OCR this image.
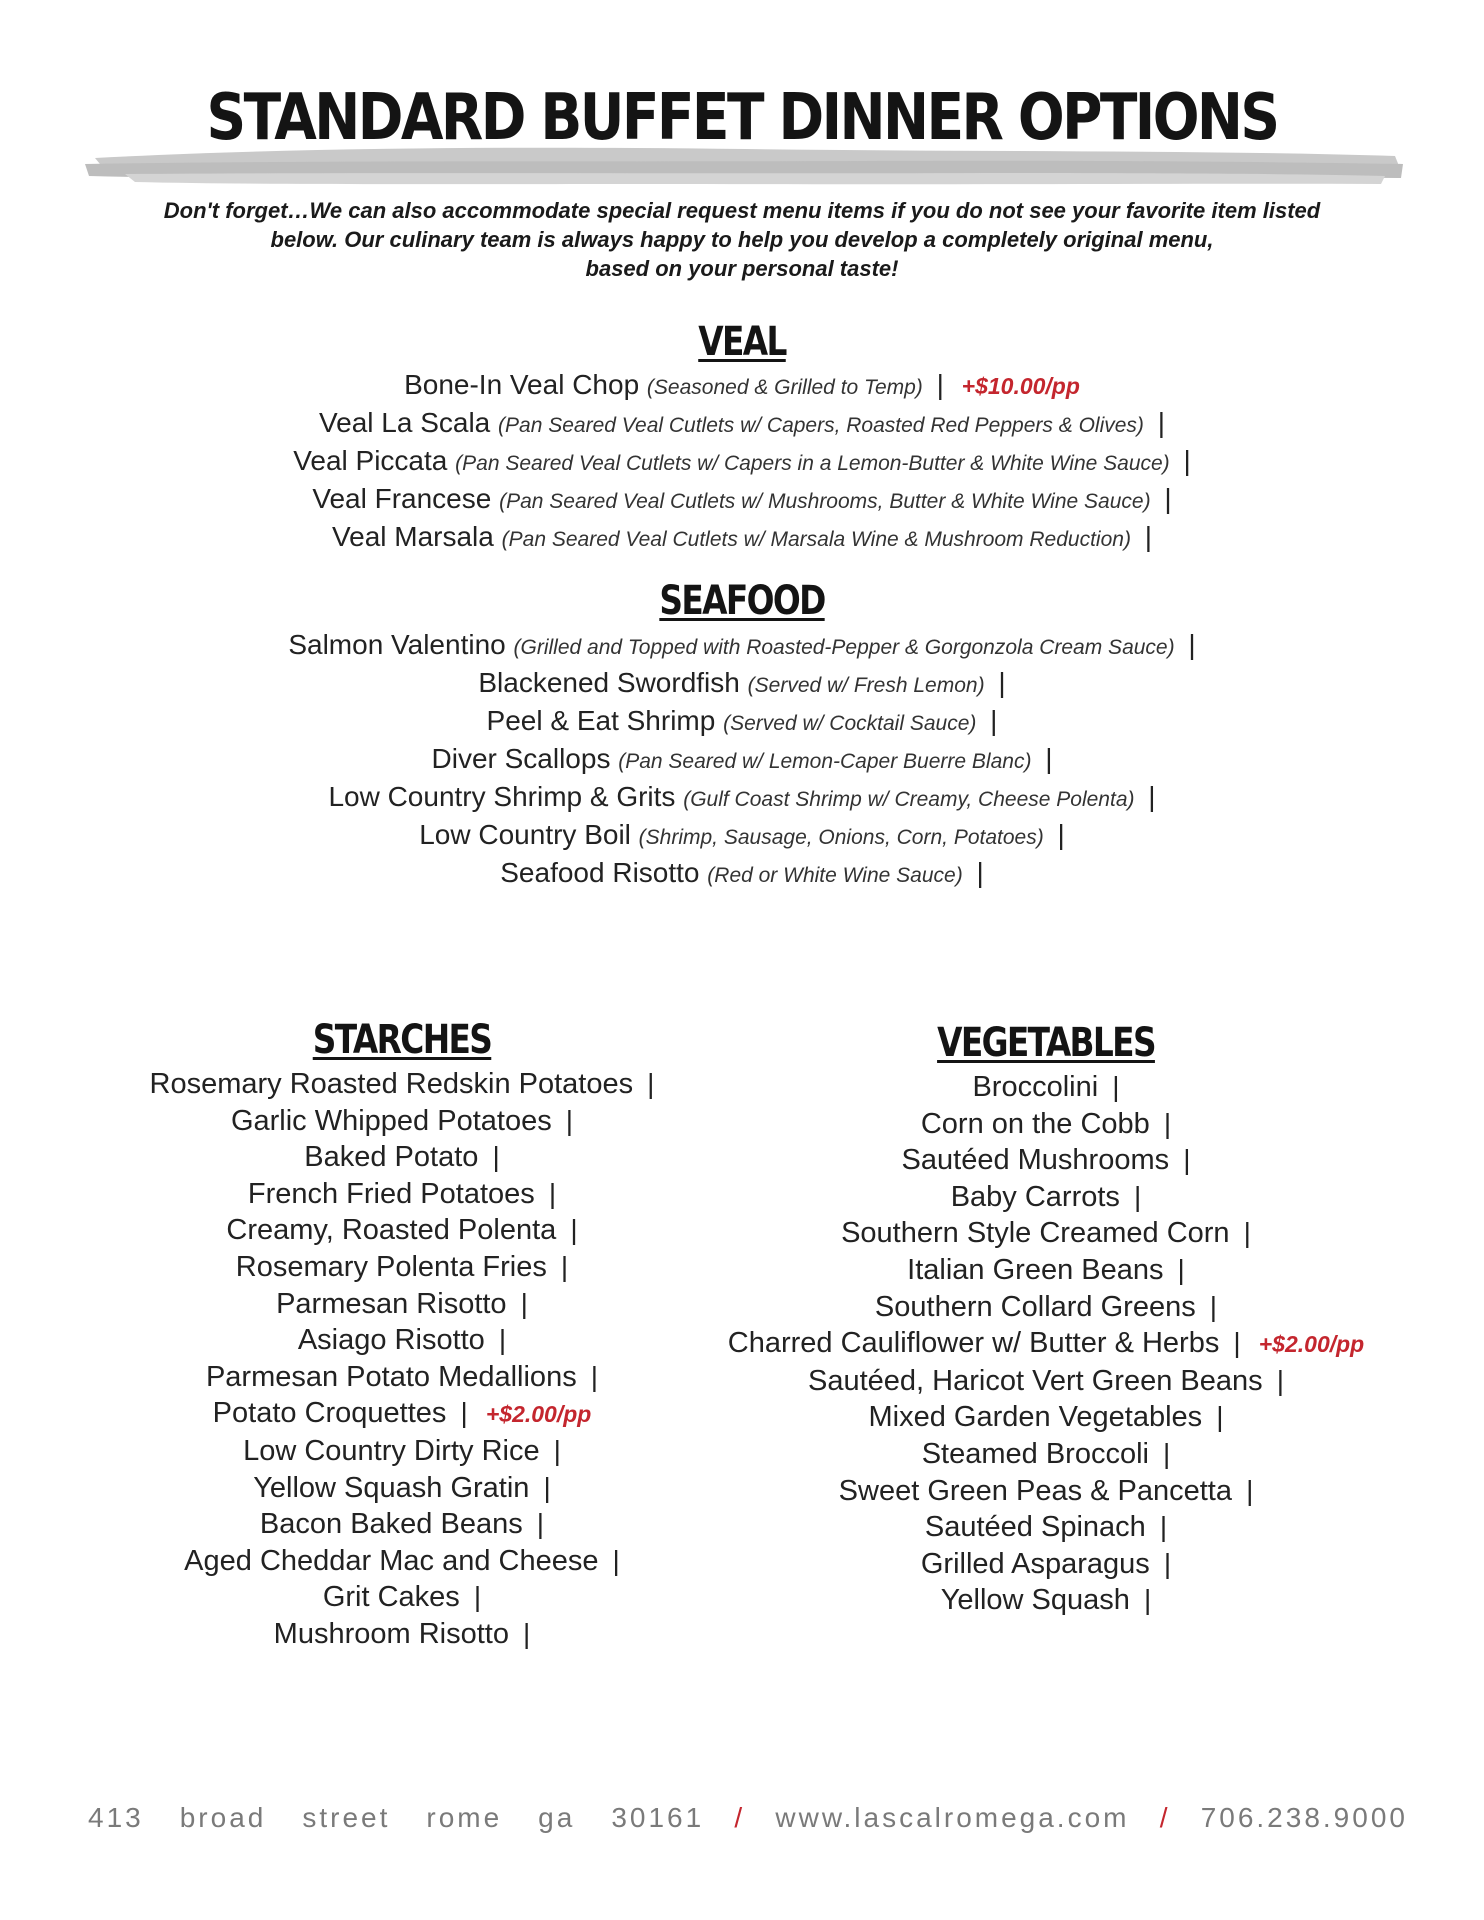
STANDARD BUFFET DINNER OPTIONS
Don't forget…We can also accommodate special request menu items if you do not see your favorite item listed
below. Our culinary team is always happy to help you develop a completely original menu,
based on your personal taste!
VEAL
Bone-In Veal Chop (Seasoned & Grilled to Temp) | +$10.00/pp
Veal La Scala (Pan Seared Veal Cutlets w/ Capers, Roasted Red Peppers & Olives) |
Veal Piccata (Pan Seared Veal Cutlets w/ Capers in a Lemon-Butter & White Wine Sauce) |
Veal Francese (Pan Seared Veal Cutlets w/ Mushrooms, Butter & White Wine Sauce) |
Veal Marsala (Pan Seared Veal Cutlets w/ Marsala Wine & Mushroom Reduction) |
SEAFOOD
Salmon Valentino (Grilled and Topped with Roasted-Pepper & Gorgonzola Cream Sauce) |
Blackened Swordfish (Served w/ Fresh Lemon) |
Peel & Eat Shrimp (Served w/ Cocktail Sauce) |
Diver Scallops (Pan Seared w/ Lemon-Caper Buerre Blanc) |
Low Country Shrimp & Grits (Gulf Coast Shrimp w/ Creamy, Cheese Polenta) |
Low Country Boil (Shrimp, Sausage, Onions, Corn, Potatoes) |
Seafood Risotto (Red or White Wine Sauce) |
STARCHES
Rosemary Roasted Redskin Potatoes |
Garlic Whipped Potatoes |
Baked Potato |
French Fried Potatoes |
Creamy, Roasted Polenta |
Rosemary Polenta Fries |
Parmesan Risotto |
Asiago Risotto |
Parmesan Potato Medallions |
Potato Croquettes | +$2.00/pp
Low Country Dirty Rice |
Yellow Squash Gratin |
Bacon Baked Beans |
Aged Cheddar Mac and Cheese |
Grit Cakes |
Mushroom Risotto |
VEGETABLES
Broccolini |
Corn on the Cobb |
Sautéed Mushrooms |
Baby Carrots |
Southern Style Creamed Corn |
Italian Green Beans |
Southern Collard Greens |
Charred Cauliflower w/ Butter & Herbs | +$2.00/pp
Sautéed, Haricot Vert Green Beans |
Mixed Garden Vegetables |
Steamed Broccoli |
Sweet Green Peas & Pancetta |
Sautéed Spinach |
Grilled Asparagus |
Yellow Squash |
413 broad street rome ga 30161 / www.lascalromega.com / 706.238.9000
